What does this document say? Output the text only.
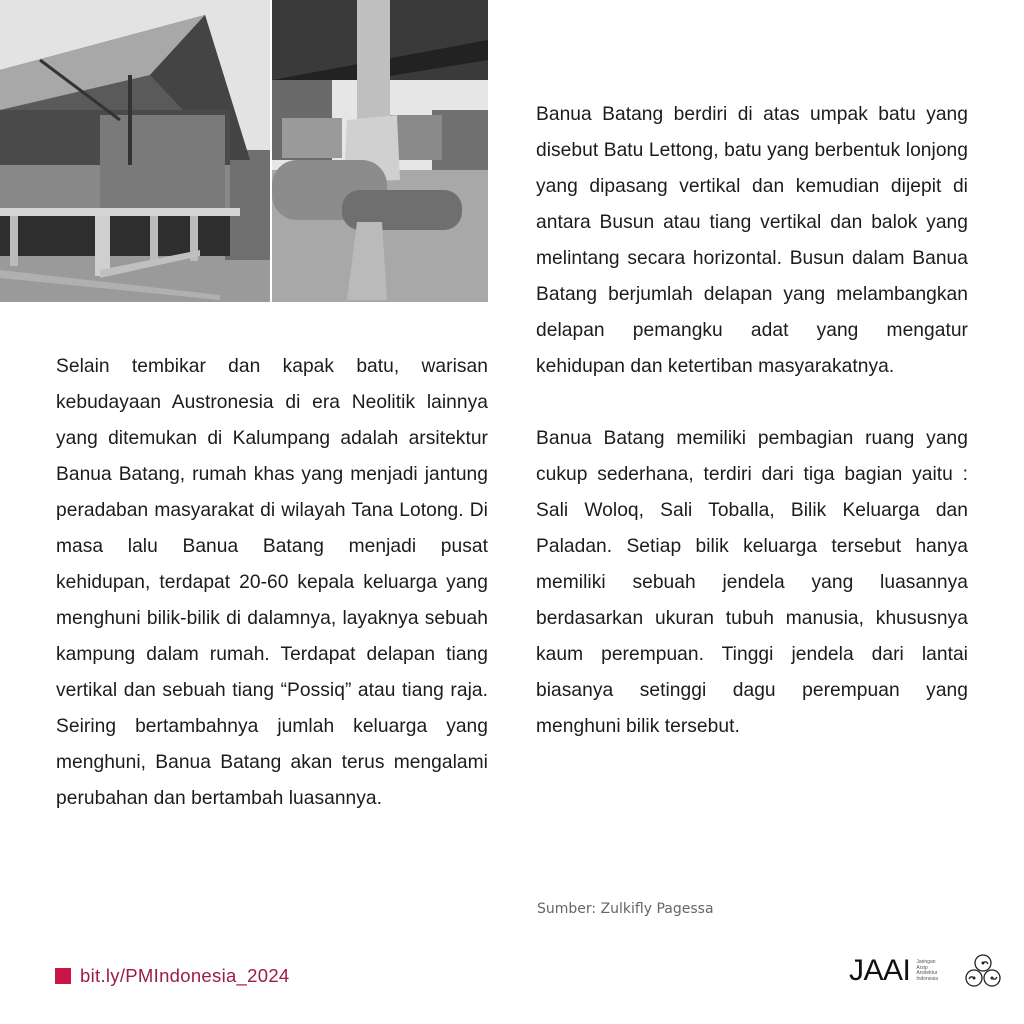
Selain tembikar dan kapak batu, warisan kebudayaan Austronesia di era Neolitik lainnya yang ditemukan di Kalumpang adalah arsitektur Banua Batang, rumah khas yang menjadi jantung peradaban masyarakat di wilayah Tana Lotong. Di masa lalu Banua Batang menjadi pusat kehidupan, terdapat 20-60 kepala keluarga yang menghuni bilik-bilik di dalamnya, layaknya sebuah kampung dalam rumah. Terdapat delapan tiang vertikal dan sebuah tiang “Possiq” atau tiang raja. Seiring bertambahnya jumlah keluarga yang menghuni, Banua Batang akan terus mengalami perubahan dan bertambah luasannya.

Banua Batang berdiri di atas umpak batu yang disebut Batu Lettong, batu yang berbentuk lonjong yang dipasang vertikal dan kemudian dijepit di antara Busun atau tiang vertikal dan balok yang melintang secara horizontal. Busun dalam Banua Batang berjumlah delapan yang melambangkan delapan pemangku adat yang mengatur kehidupan dan ketertiban masyarakatnya.

Banua Batang memiliki pembagian ruang yang cukup sederhana, terdiri dari tiga bagian yaitu : Sali Woloq, Sali Toballa, Bilik Keluarga dan Paladan. Setiap bilik keluarga tersebut hanya memiliki sebuah jendela yang luasannya berdasarkan ukuran tubuh manusia, khususnya kaum perempuan. Tinggi jendela dari lantai biasanya setinggi dagu perempuan yang menghuni bilik tersebut.

Sumber: Zulkifly Pagessa
bit.ly/PMIndonesia_2024	JAAI Jaringan
Arsip
Arsitektur
Indonesia
